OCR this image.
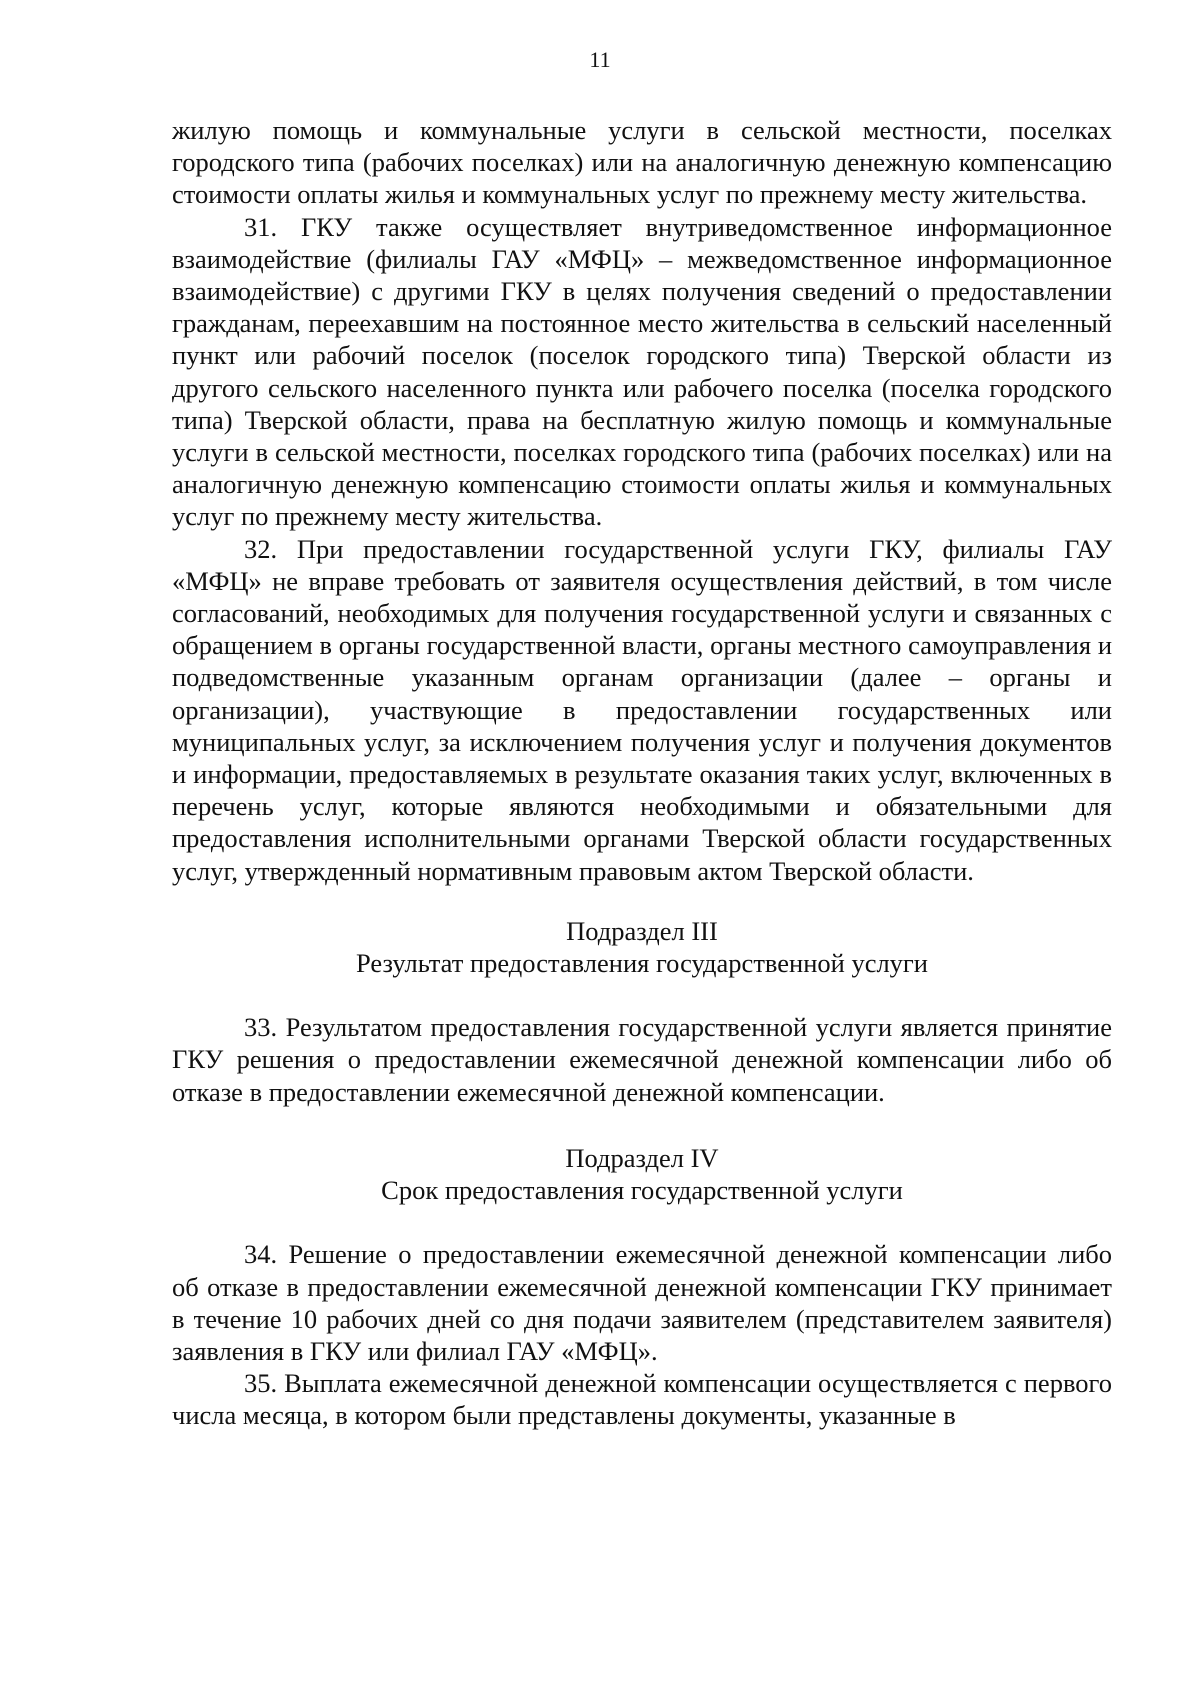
11

жилую помощь и коммунальные услуги в сельской местности, поселках городского типа (рабочих поселках) или на аналогичную денежную компенсацию стоимости оплаты жилья и коммунальных услуг по прежнему месту жительства.

31. ГКУ также осуществляет внутриведомственное информационное взаимодействие (филиалы ГАУ «МФЦ» – межведомственное информационное взаимодействие) с другими ГКУ в целях получения сведений о предоставлении гражданам, переехавшим на постоянное место жительства в сельский населенный пункт или рабочий поселок (поселок городского типа) Тверской области из другого сельского населенного пункта или рабочего поселка (поселка городского типа) Тверской области, права на бесплатную жилую помощь и коммунальные услуги в сельской местности, поселках городского типа (рабочих поселках) или на аналогичную денежную компенсацию стоимости оплаты жилья и коммунальных услуг по прежнему месту жительства.

32. При предоставлении государственной услуги ГКУ, филиалы ГАУ «МФЦ» не вправе требовать от заявителя осуществления действий, в том числе согласований, необходимых для получения государственной услуги и связанных с обращением в органы государственной власти, органы местного самоуправления и подведомственные указанным органам организации (далее – органы и организации), участвующие в предоставлении государственных или муниципальных услуг, за исключением получения услуг и получения документов и информации, предоставляемых в результате оказания таких услуг, включенных в перечень услуг, которые являются необходимыми и обязательными для предоставления исполнительными органами Тверской области государственных услуг, утвержденный нормативным правовым актом Тверской области.

Подраздел III
Результат предоставления государственной услуги

33. Результатом предоставления государственной услуги является принятие ГКУ решения о предоставлении ежемесячной денежной компенсации либо об отказе в предоставлении ежемесячной денежной компенсации.

Подраздел IV
Срок предоставления государственной услуги

34. Решение о предоставлении ежемесячной денежной компенсации либо об отказе в предоставлении ежемесячной денежной компенсации ГКУ принимает в течение 10 рабочих дней со дня подачи заявителем (представителем заявителя) заявления в ГКУ или филиал ГАУ «МФЦ».

35. Выплата ежемесячной денежной компенсации осуществляется с первого числа месяца, в котором были представлены документы, указанные в
